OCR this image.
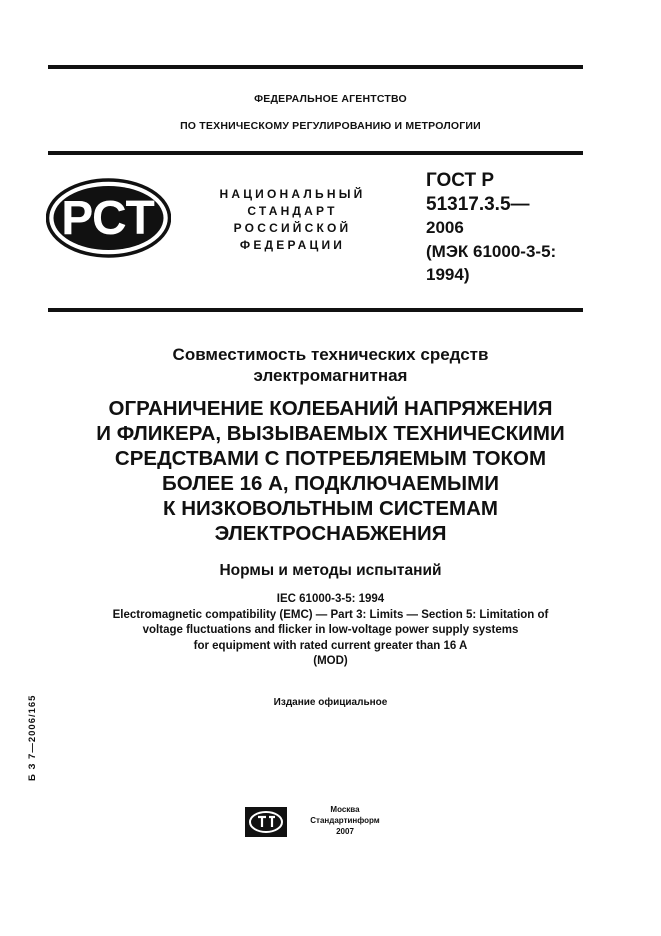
ФЕДЕРАЛЬНОЕ АГЕНТСТВО
ПО ТЕХНИЧЕСКОМУ РЕГУЛИРОВАНИЮ И МЕТРОЛОГИИ
РСТ	НАЦИОНАЛЬНЫЙ
СТАНДАРТ
РОССИЙСКОЙ
ФЕДЕРАЦИИ
ГОСТ Р
51317.3.5—
2006
(МЭК 61000-3-5:
1994)
Совместимость технических средств
электромагнитная
ОГРАНИЧЕНИЕ КОЛЕБАНИЙ НАПРЯЖЕНИЯ
И ФЛИКЕРА, ВЫЗЫВАЕМЫХ ТЕХНИЧЕСКИМИ
СРЕДСТВАМИ С ПОТРЕБЛЯЕМЫМ ТОКОМ
БОЛЕЕ 16 А, ПОДКЛЮЧАЕМЫМИ
К НИЗКОВОЛЬТНЫМ СИСТЕМАМ
ЭЛЕКТРОСНАБЖЕНИЯ
Нормы и методы испытаний
IEC 61000-3-5: 1994
Electromagnetic compatibility (EMC) — Part 3: Limits — Section 5: Limitation of
voltage fluctuations and flicker in low-voltage power supply systems
for equipment with rated current greater than 16 A
(MOD)
Издание официальное
Б З 7—2006/165
Москва
Стандартинформ
2007
